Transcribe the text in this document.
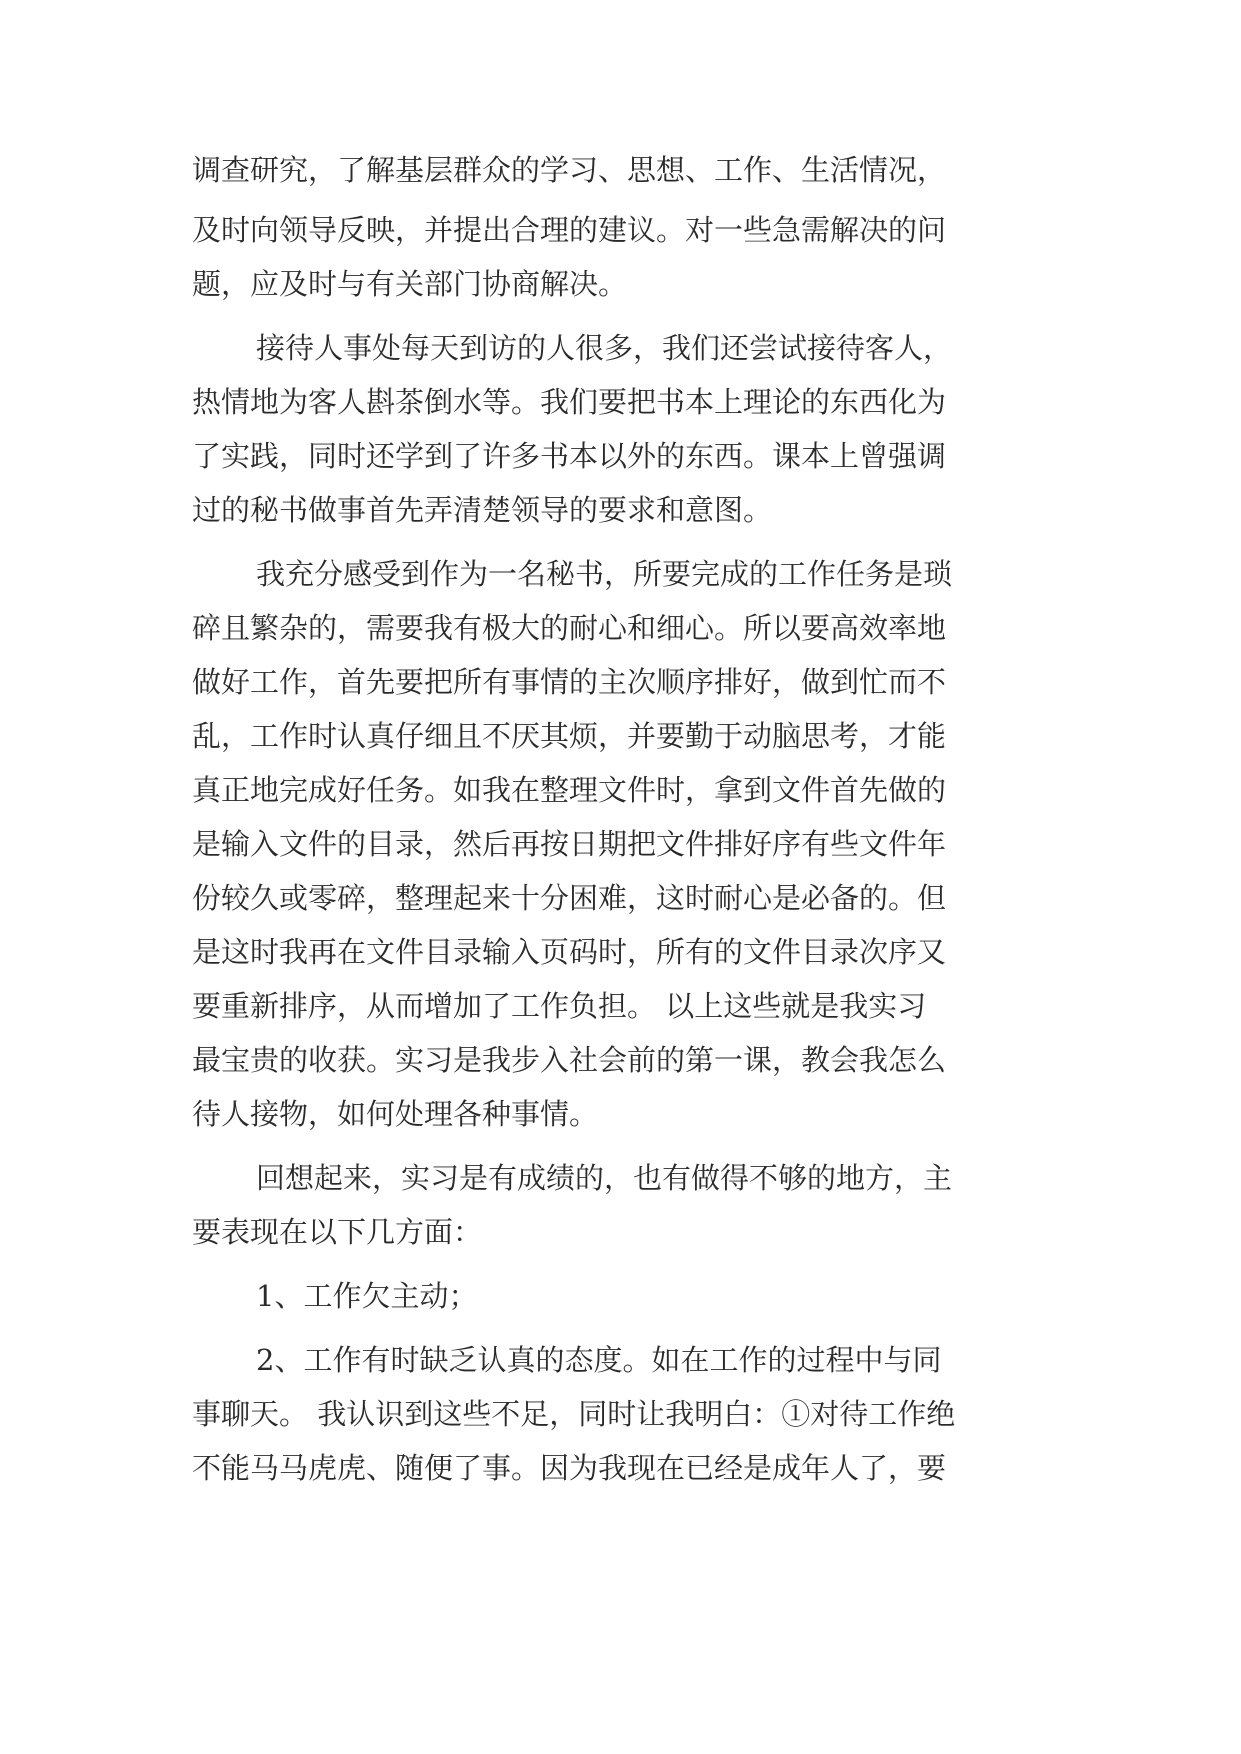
调查研究，了解基层群众的学习、思想、工作、生活情况，
及时向领导反映，并提出合理的建议。对一些急需解决的问
题，应及时与有关部门协商解决。
接待人事处每天到访的人很多，我们还尝试接待客人，
热情地为客人斟茶倒水等。我们要把书本上理论的东西化为
了实践，同时还学到了许多书本以外的东西。课本上曾强调
过的秘书做事首先弄清楚领导的要求和意图。
我充分感受到作为一名秘书，所要完成的工作任务是琐
碎且繁杂的，需要我有极大的耐心和细心。所以要高效率地
做好工作，首先要把所有事情的主次顺序排好，做到忙而不
乱，工作时认真仔细且不厌其烦，并要勤于动脑思考，才能
真正地完成好任务。如我在整理文件时，拿到文件首先做的
是输入文件的目录，然后再按日期把文件排好序有些文件年
份较久或零碎，整理起来十分困难，这时耐心是必备的。但
是这时我再在文件目录输入页码时，所有的文件目录次序又
要重新排序，从而增加了工作负担。 以上这些就是我实习
最宝贵的收获。实习是我步入社会前的第一课，教会我怎么
待人接物，如何处理各种事情。
回想起来，实习是有成绩的，也有做得不够的地方，主
要表现在以下几方面：
1、工作欠主动；
2、工作有时缺乏认真的态度。如在工作的过程中与同
事聊天。 我认识到这些不足，同时让我明白：①对待工作绝
不能马马虎虎、随便了事。因为我现在已经是成年人了，要
